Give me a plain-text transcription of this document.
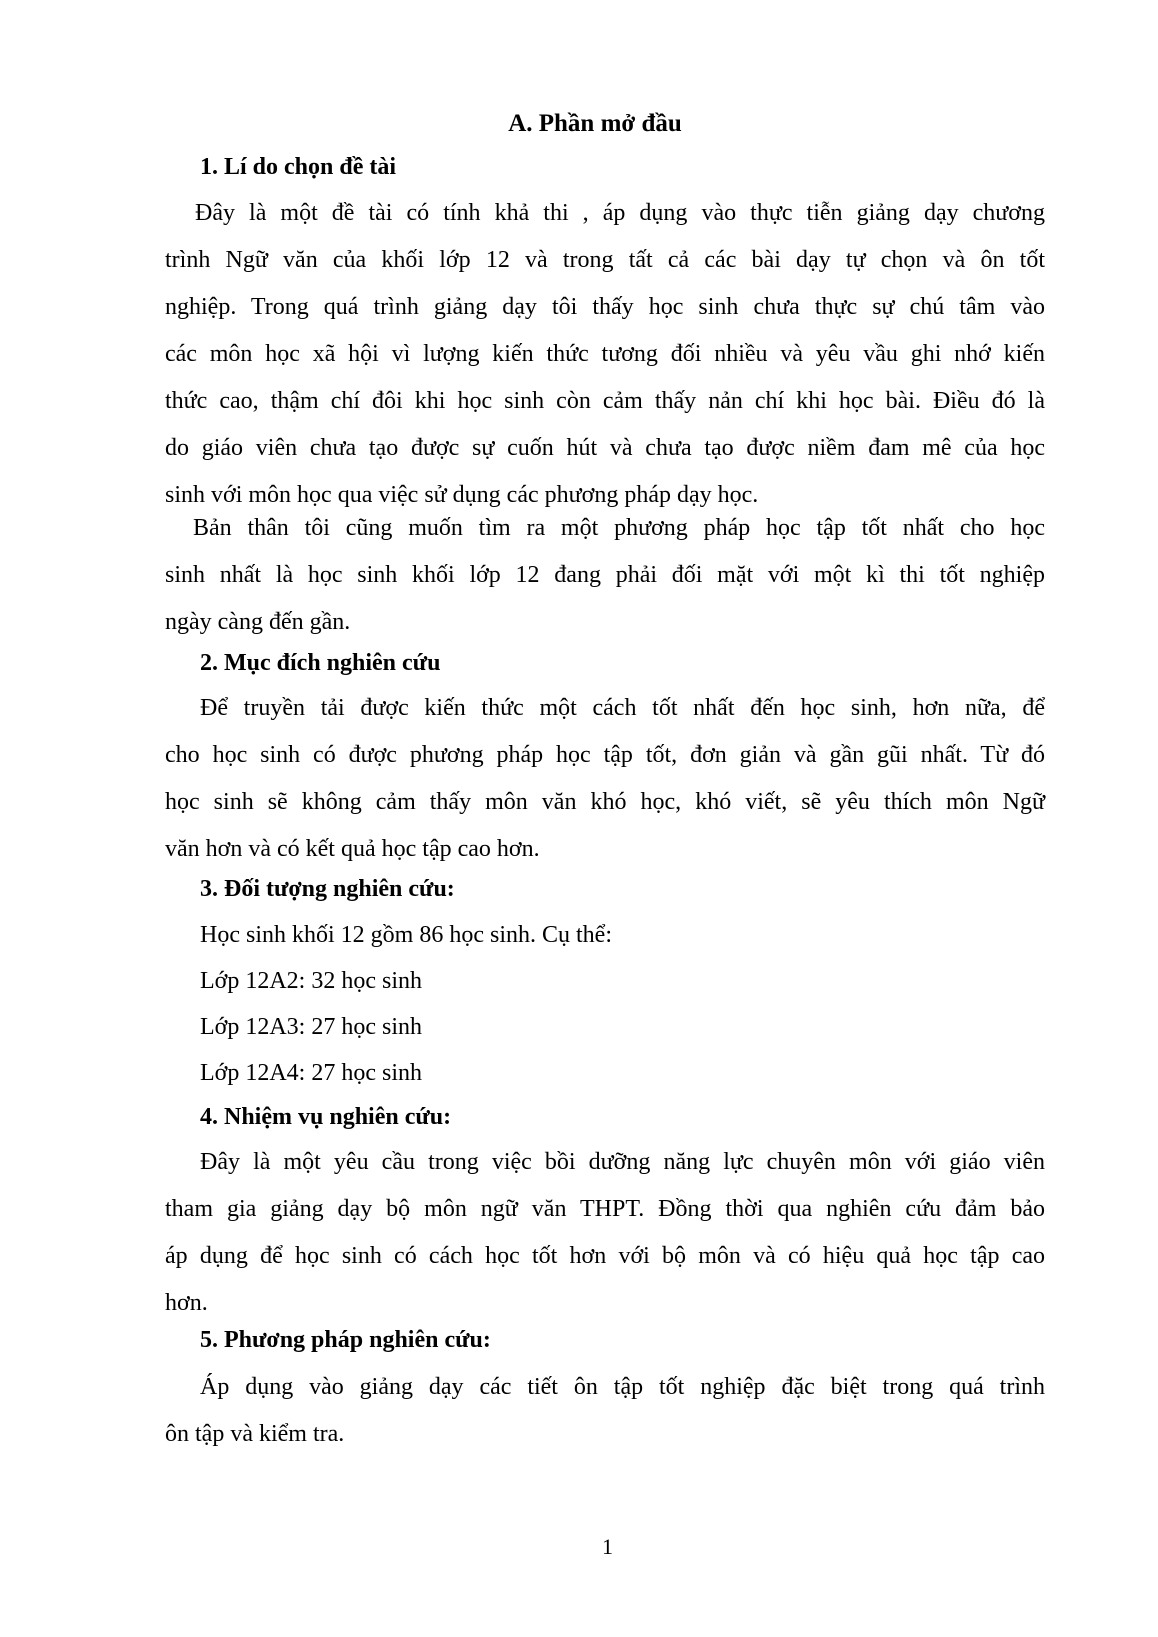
A. Phần mở đầu
1. Lí do chọn đề tài
Đây là một đề tài có tính khả thi , áp dụng vào thực tiễn giảng dạy chương
trình Ngữ văn của khối lớp 12 và trong tất cả các bài dạy tự chọn và ôn tốt
nghiệp. Trong quá trình giảng dạy tôi thấy học sinh chưa thực sự chú tâm vào
các môn học xã hội vì lượng kiến thức tương đối nhiều và yêu vầu ghi nhớ kiến
thức cao, thậm chí đôi khi học sinh còn cảm thấy nản chí khi học bài. Điều đó là
do giáo viên chưa tạo được sự cuốn hút và chưa tạo được niềm đam mê của học
sinh với môn học qua việc sử dụng các phương pháp dạy học.
Bản thân tôi cũng muốn tìm ra một phương pháp học tập tốt nhất cho học
sinh nhất là học sinh khối lớp 12 đang phải đối mặt với một kì thi tốt nghiệp
ngày càng đến gần.
2. Mục đích nghiên cứu
Để truyền tải được kiến thức một cách tốt nhất đến học sinh, hơn nữa, để
cho học sinh có được phương pháp học tập tốt, đơn giản và gần gũi nhất. Từ đó
học sinh sẽ không cảm thấy môn văn khó học, khó viết, sẽ yêu thích môn Ngữ
văn hơn và có kết quả học tập cao hơn.
3. Đối tượng nghiên cứu:

Học sinh khối 12 gồm 86 học sinh. Cụ thể:

Lớp 12A2: 32 học sinh

Lớp 12A3: 27 học sinh

Lớp 12A4: 27 học sinh

4. Nhiệm vụ nghiên cứu:
Đây là một yêu cầu trong việc bồi dưỡng năng lực chuyên môn với giáo viên
tham gia giảng dạy bộ môn ngữ văn THPT. Đồng thời qua nghiên cứu đảm bảo
áp dụng để học sinh có cách học tốt hơn với bộ môn và có hiệu quả học tập cao
hơn.
5. Phương pháp nghiên cứu:
Áp dụng vào giảng dạy các tiết ôn tập tốt nghiệp đặc biệt trong quá trình
ôn tập và kiểm tra.

1
